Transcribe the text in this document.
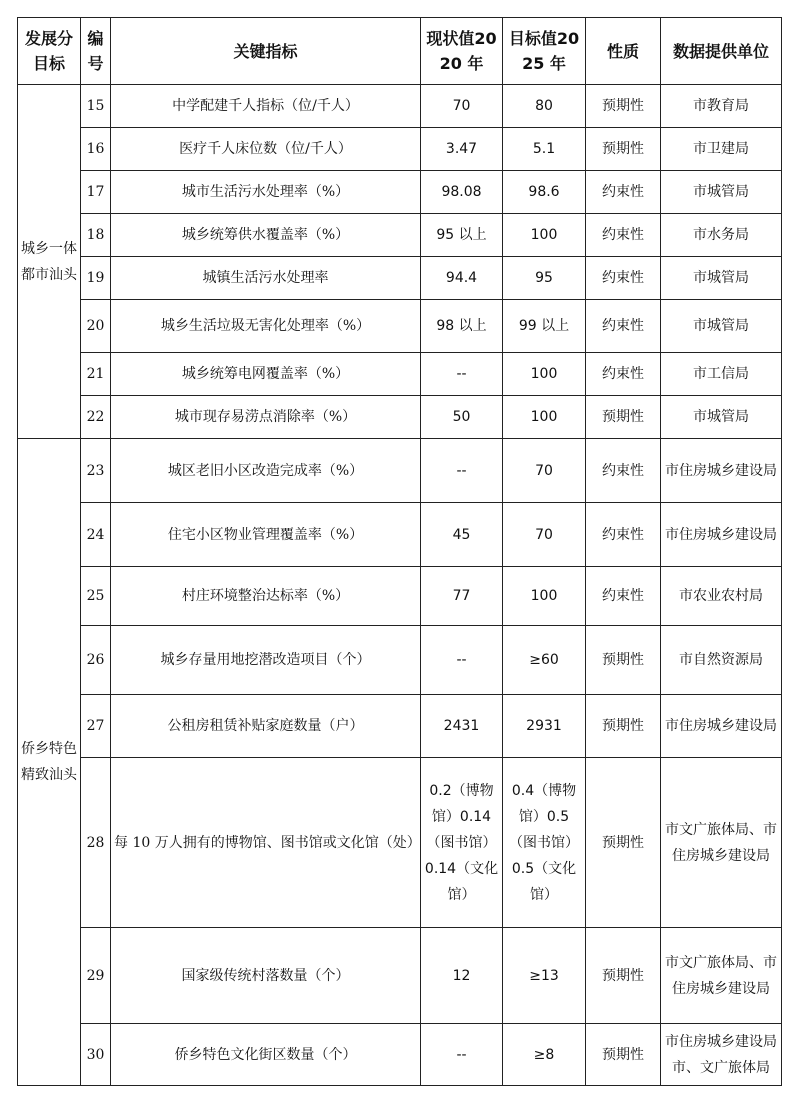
发展分目标	编号	关键指标	现状值2020 年	目标值2025 年	性质	数据提供单位
城乡一体都市汕头	15	中学配建千人指标（位/千人）	70	80	预期性	市教育局
	16	医疗千人床位数（位/千人）	3.47	5.1	预期性	市卫建局
	17	城市生活污水处理率（%）	98.08	98.6	约束性	市城管局
	18	城乡统筹供水覆盖率（%）	95 以上	100	约束性	市水务局
	19	城镇生活污水处理率	94.4	95	约束性	市城管局
	20	城乡生活垃圾无害化处理率（%）	98 以上	99 以上	约束性	市城管局
	21	城乡统筹电网覆盖率（%）	--	100	约束性	市工信局
	22	城市现存易涝点消除率（%）	50	100	预期性	市城管局
侨乡特色精致汕头	23	城区老旧小区改造完成率（%）	--	70	约束性	市住房城乡建设局
	24	住宅小区物业管理覆盖率（%）	45	70	约束性	市住房城乡建设局
	25	村庄环境整治达标率（%）	77	100	约束性	市农业农村局
	26	城乡存量用地挖潜改造项目（个）	--	≥60	预期性	市自然资源局
	27	公租房租赁补贴家庭数量（户）	2431	2931	预期性	市住房城乡建设局
	28	每 10 万人拥有的博物馆、图书馆或文化馆（处）	0.2（博物馆）0.14（图书馆）0.14（文化馆）	0.4（博物馆）0.5（图书馆）0.5（文化馆）	预期性	市文广旅体局、市住房城乡建设局
	29	国家级传统村落数量（个）	12	≥13	预期性	市文广旅体局、市住房城乡建设局
	30	侨乡特色文化街区数量（个）	--	≥8	预期性	市住房城乡建设局市、文广旅体局
